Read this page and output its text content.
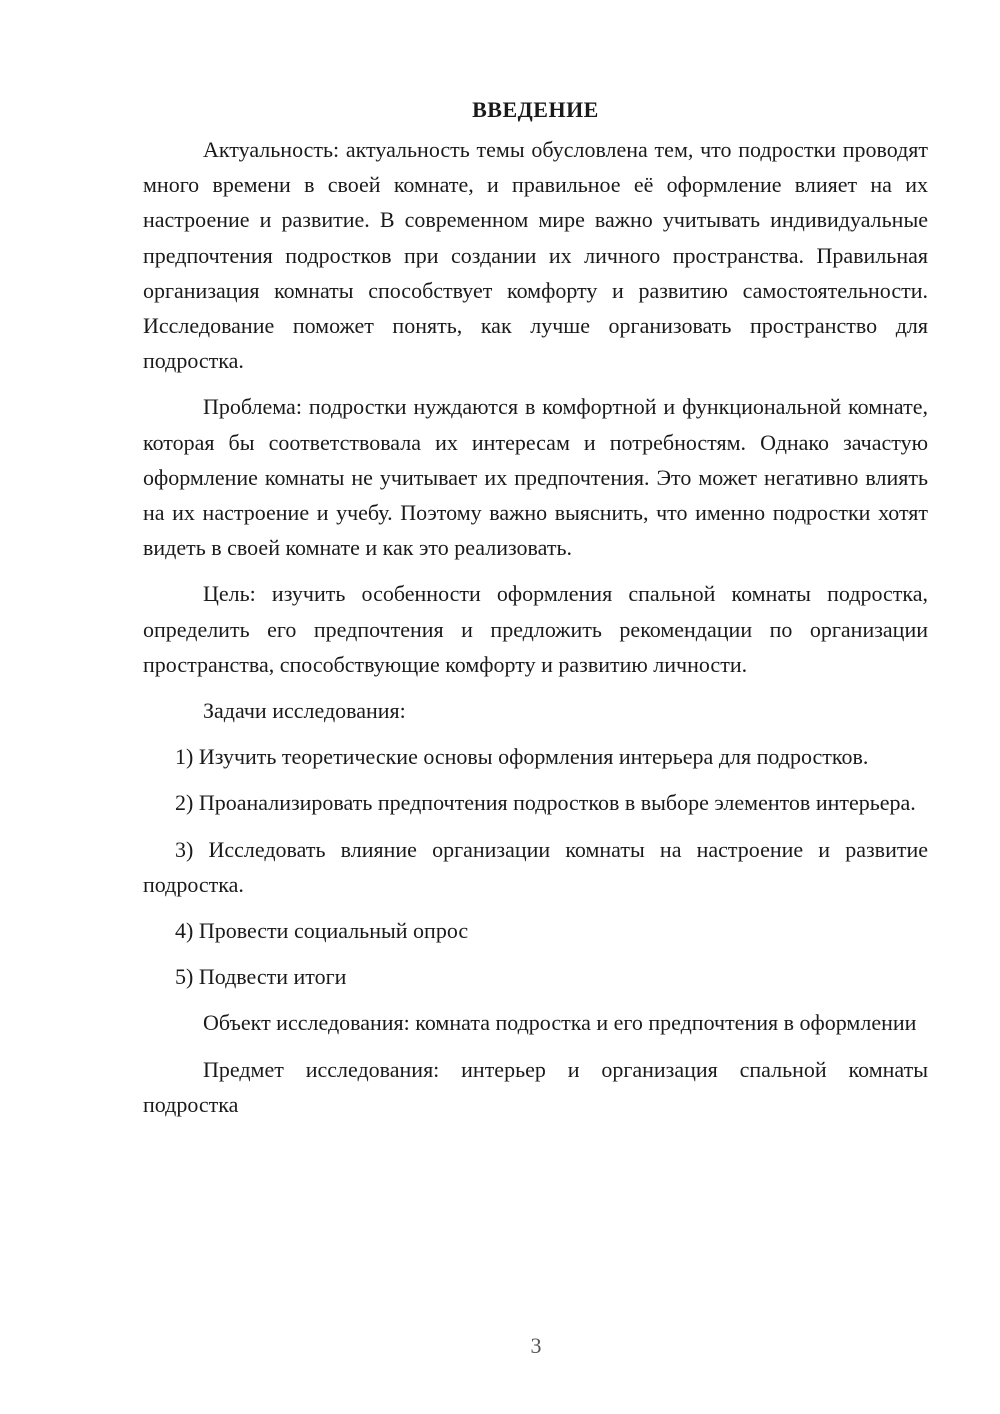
ВВЕДЕНИЕ

Актуальность: актуальность темы обусловлена тем, что подростки проводят много времени в своей комнате, и правильное её оформление влияет на их настроение и развитие. В современном мире важно учитывать индивидуальные предпочтения подростков при создании их личного пространства. Правильная организация комнаты способствует комфорту и развитию самостоятельности. Исследование поможет понять, как лучше организовать пространство для подростка.

Проблема: подростки нуждаются в комфортной и функциональной комнате, которая бы соответствовала их интересам и потребностям. Однако зачастую оформление комнаты не учитывает их предпочтения. Это может негативно влиять на их настроение и учебу. Поэтому важно выяснить, что именно подростки хотят видеть в своей комнате и как это реализовать.

Цель: изучить особенности оформления спальной комнаты подростка, определить его предпочтения и предложить рекомендации по организации пространства, способствующие комфорту и развитию личности.

Задачи исследования:

1) Изучить теоретические основы оформления интерьера для подростков.

2) Проанализировать предпочтения подростков в выборе элементов интерьера.

3) Исследовать влияние организации комнаты на настроение и развитие подростка.

4) Провести социальный опрос

5) Подвести итоги

Объект исследования: комната подростка и его предпочтения в оформлении

Предмет исследования: интерьер и организация спальной комнаты подростка

3
